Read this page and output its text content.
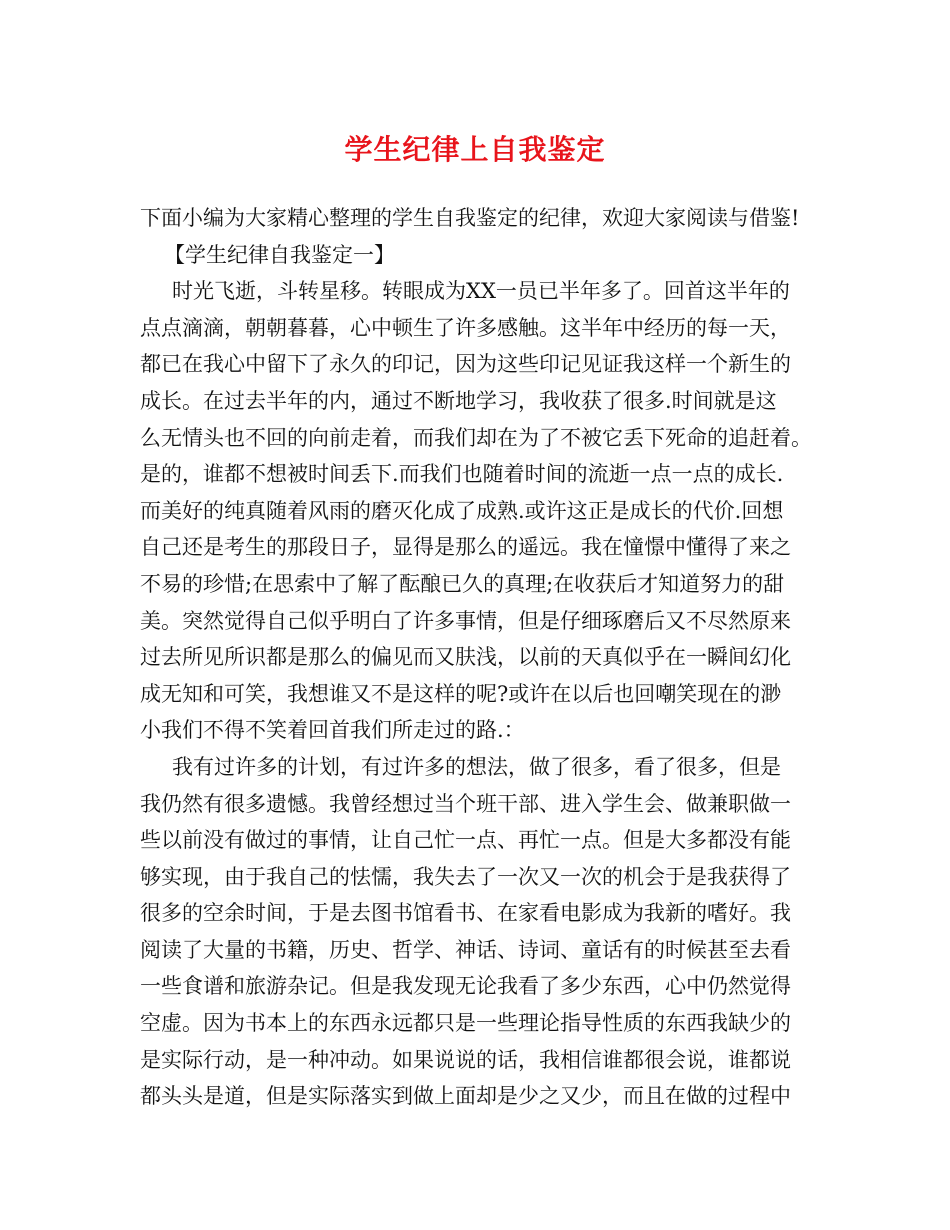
学生纪律上自我鉴定
下面小编为大家精心整理的学生自我鉴定的纪律，欢迎大家阅读与借鉴!
【学生纪律自我鉴定一】
时光飞逝，斗转星移。转眼成为XX一员已半年多了。回首这半年的
点点滴滴，朝朝暮暮，心中顿生了许多感触。这半年中经历的每一天，
都已在我心中留下了永久的印记，因为这些印记见证我这样一个新生的
成长。在过去半年的内，通过不断地学习，我收获了很多.时间就是这
么无情头也不回的向前走着，而我们却在为了不被它丢下死命的追赶着。
是的，谁都不想被时间丢下.而我们也随着时间的流逝一点一点的成长.
而美好的纯真随着风雨的磨灭化成了成熟.或许这正是成长的代价.回想
自己还是考生的那段日子，显得是那么的遥远。我在憧憬中懂得了来之
不易的珍惜;在思索中了解了酝酿已久的真理;在收获后才知道努力的甜
美。突然觉得自己似乎明白了许多事情，但是仔细琢磨后又不尽然原来
过去所见所识都是那么的偏见而又肤浅，以前的天真似乎在一瞬间幻化
成无知和可笑，我想谁又不是这样的呢?或许在以后也回嘲笑现在的渺
小我们不得不笑着回首我们所走过的路.：
我有过许多的计划，有过许多的想法，做了很多，看了很多，但是
我仍然有很多遗憾。我曾经想过当个班干部、进入学生会、做兼职做一
些以前没有做过的事情，让自己忙一点、再忙一点。但是大多都没有能
够实现，由于我自己的怯懦，我失去了一次又一次的机会于是我获得了
很多的空余时间，于是去图书馆看书、在家看电影成为我新的嗜好。我
阅读了大量的书籍，历史、哲学、神话、诗词、童话有的时候甚至去看
一些食谱和旅游杂记。但是我发现无论我看了多少东西，心中仍然觉得
空虚。因为书本上的东西永远都只是一些理论指导性质的东西我缺少的
是实际行动，是一种冲动。如果说说的话，我相信谁都很会说，谁都说
都头头是道，但是实际落实到做上面却是少之又少，而且在做的过程中
